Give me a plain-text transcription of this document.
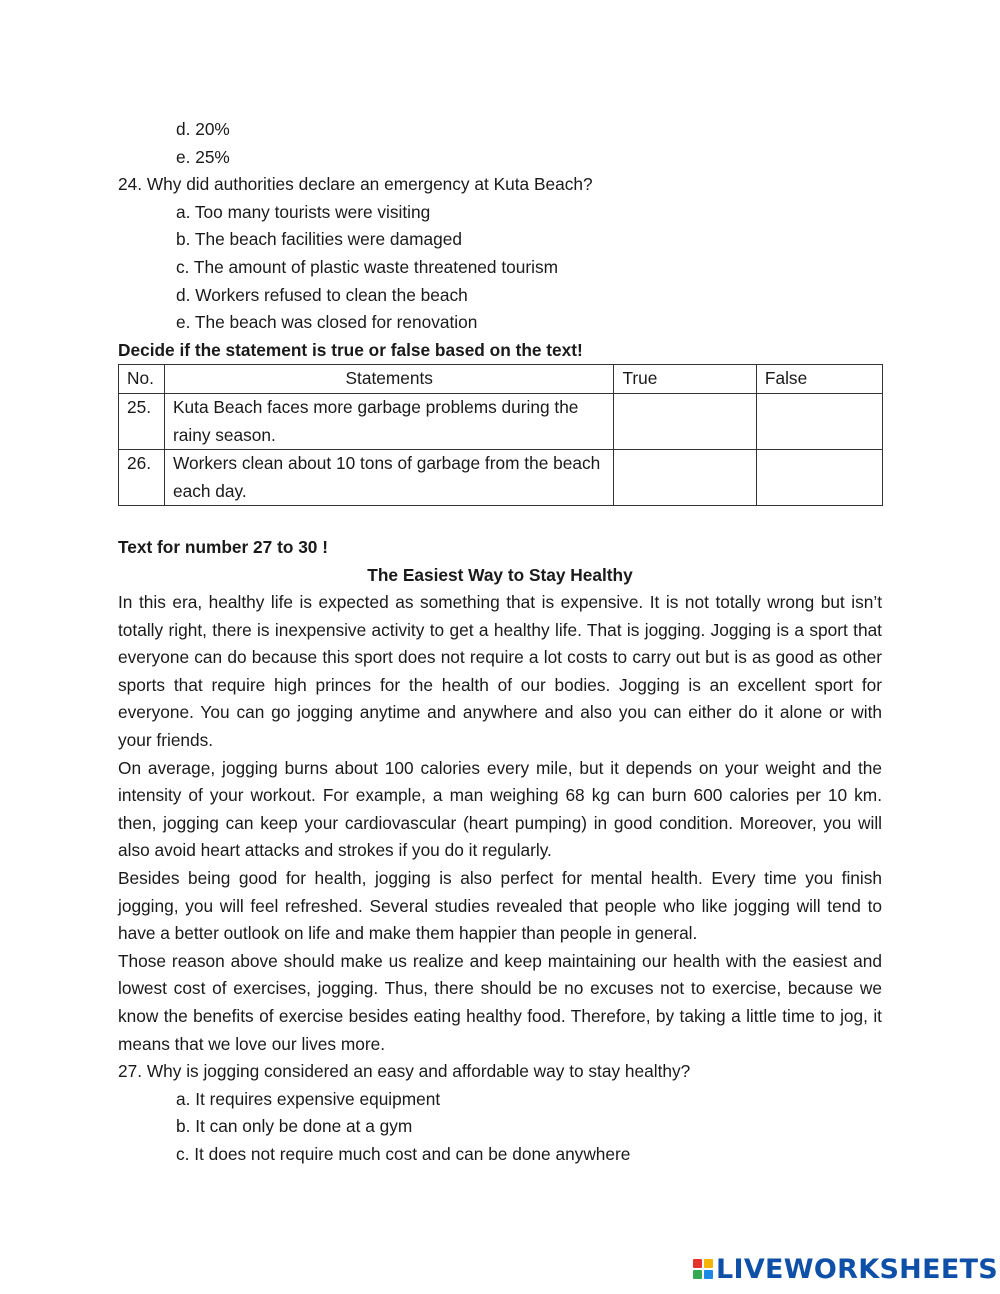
d. 20%
e. 25%
24. Why did authorities declare an emergency at Kuta Beach?
a. Too many tourists were visiting
b. The beach facilities were damaged
c. The amount of plastic waste threatened tourism
d. Workers refused to clean the beach
e. The beach was closed for renovation
Decide if the statement is true or false based on the text!
No.	Statements	True	False
25.	Kuta Beach faces more garbage problems during the rainy season.		
26.	Workers clean about 10 tons of garbage from the beach each day.		
Text for number 27 to 30 !
The Easiest Way to Stay Healthy

In this era, healthy life is expected as something that is expensive. It is not totally wrong but isn’t totally right, there is inexpensive activity to get a healthy life. That is jogging. Jogging is a sport that everyone can do because this sport does not require a lot costs to carry out but is as good as other sports that require high princes for the health of our bodies. Jogging is an excellent sport for everyone. You can go jogging anytime and anywhere and also you can either do it alone or with your friends.

On average, jogging burns about 100 calories every mile, but it depends on your weight and the intensity of your workout. For example, a man weighing 68 kg can burn 600 calories per 10 km. then, jogging can keep your cardiovascular (heart pumping) in good condition. Moreover, you will also avoid heart attacks and strokes if you do it regularly.

Besides being good for health, jogging is also perfect for mental health. Every time you finish jogging, you will feel refreshed. Several studies revealed that people who like jogging will tend to have a better outlook on life and make them happier than people in general.

Those reason above should make us realize and keep maintaining our health with the easiest and lowest cost of exercises, jogging. Thus, there should be no excuses not to exercise, because we know the benefits of exercise besides eating healthy food. Therefore, by taking a little time to jog, it means that we love our lives more.

27. Why is jogging considered an easy and affordable way to stay healthy?
a. It requires expensive equipment
b. It can only be done at a gym
c. It does not require much cost and can be done anywhere
LIVEWORKSHEETS
